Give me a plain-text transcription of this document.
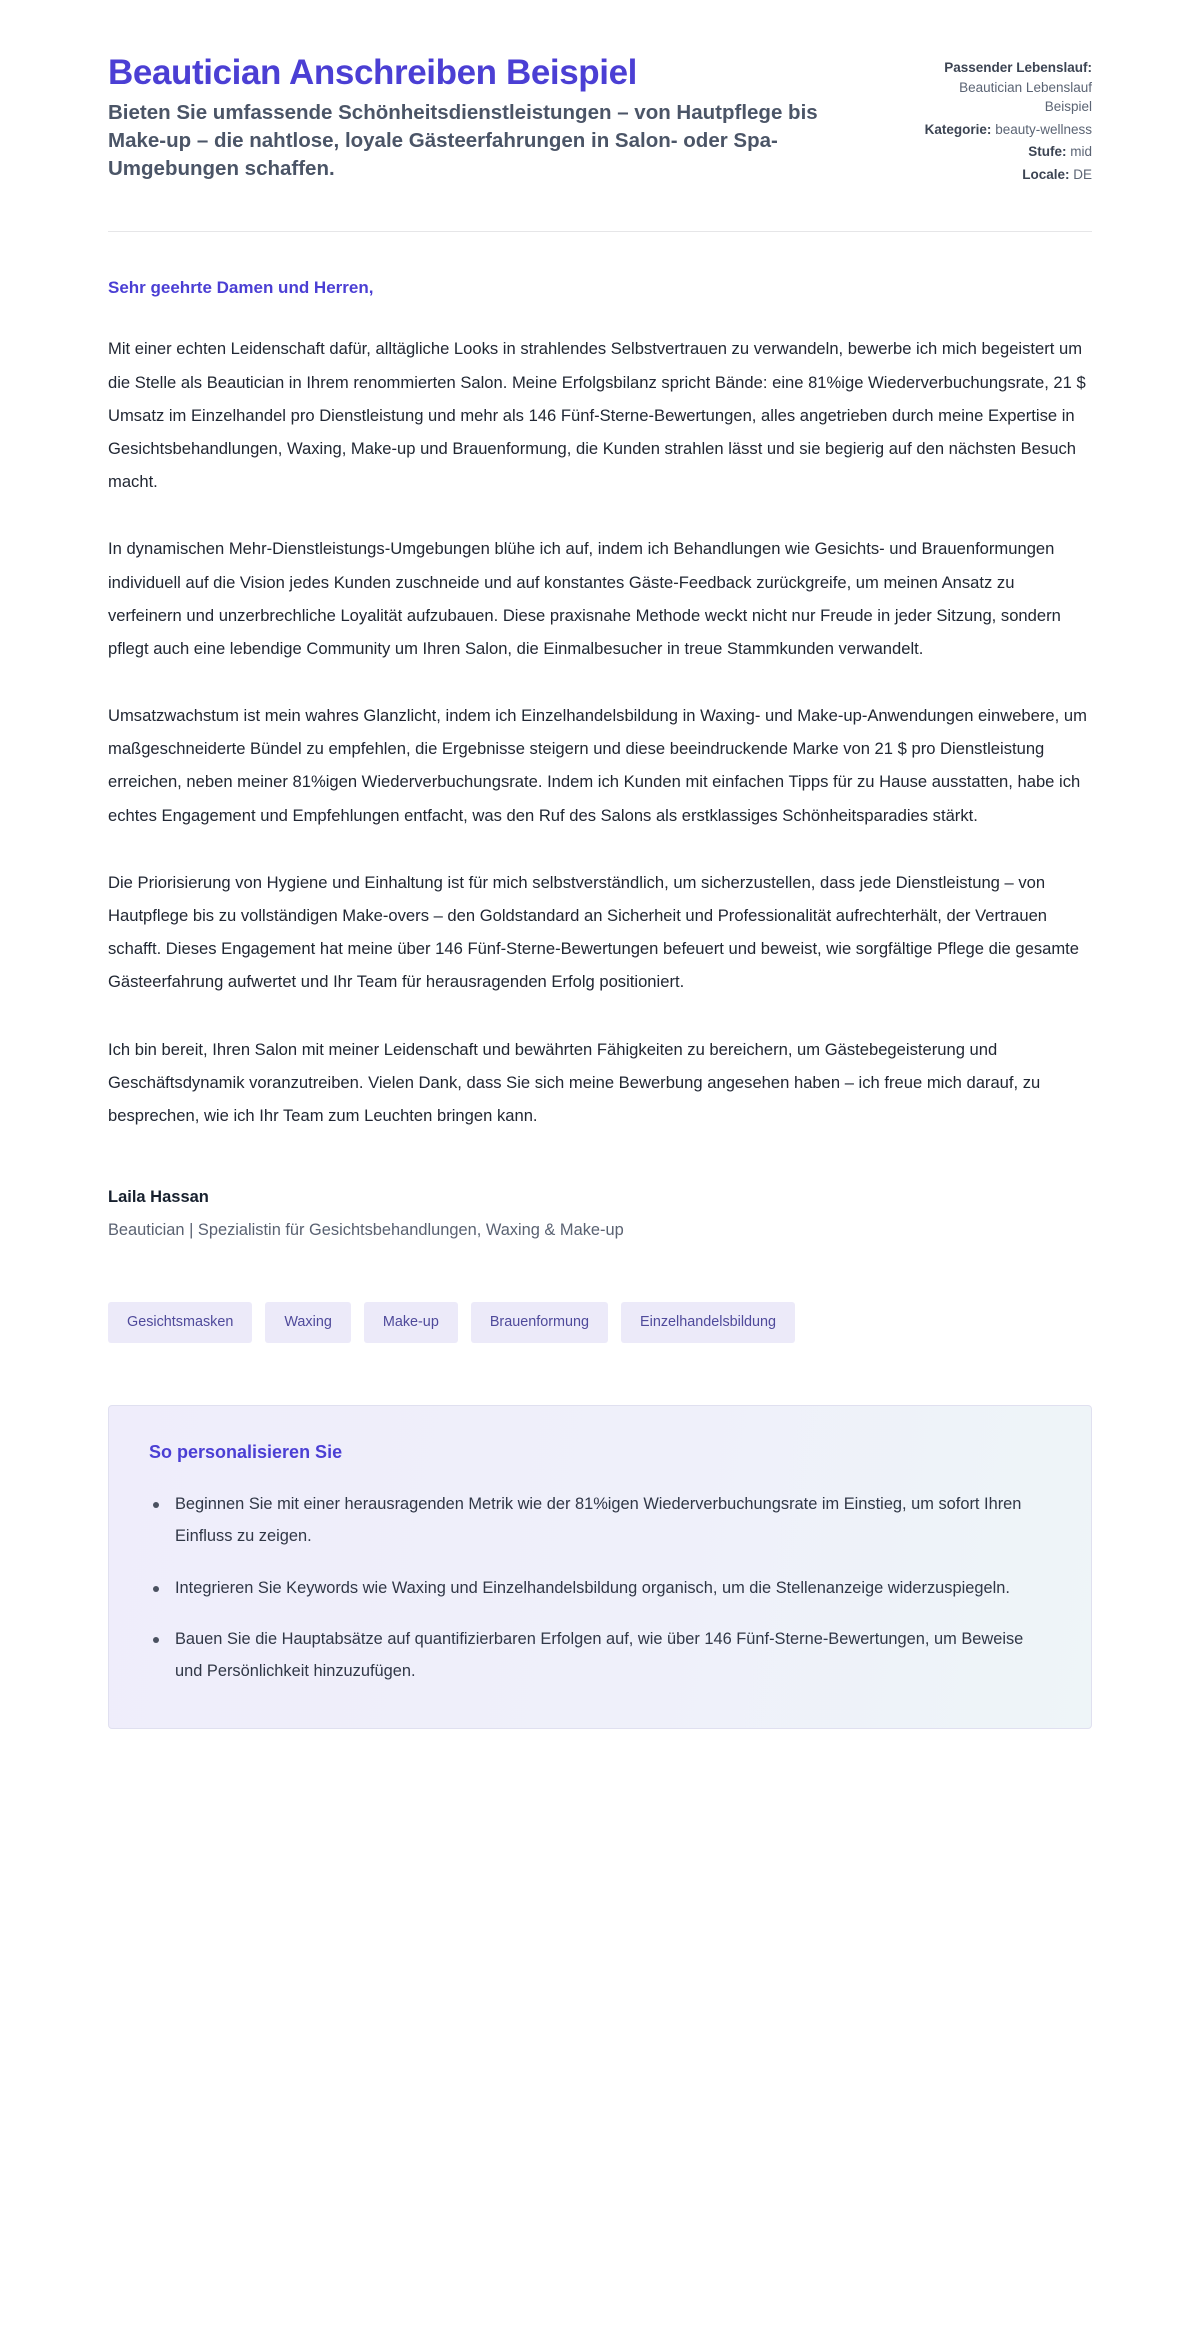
Beautician Anschreiben Beispiel

Bieten Sie umfassende Schönheitsdienstleistungen – von Hautpflege bis Make-up – die nahtlose, loyale Gästeerfahrungen in Salon- oder Spa-Umgebungen schaffen.

Passender Lebenslauf: Beautician Lebenslauf Beispiel
Kategorie: beauty-wellness
Stufe: mid
Locale: DE

Sehr geehrte Damen und Herren,

Mit einer echten Leidenschaft dafür, alltägliche Looks in strahlendes Selbstvertrauen zu verwandeln, bewerbe ich mich begeistert um die Stelle als Beautician in Ihrem renommierten Salon. Meine Erfolgsbilanz spricht Bände: eine 81%ige Wiederverbuchungsrate, 21 $ Umsatz im Einzelhandel pro Dienstleistung und mehr als 146 Fünf-Sterne-Bewertungen, alles angetrieben durch meine Expertise in Gesichtsbehandlungen, Waxing, Make-up und Brauenformung, die Kunden strahlen lässt und sie begierig auf den nächsten Besuch macht.

In dynamischen Mehr-Dienstleistungs-Umgebungen blühe ich auf, indem ich Behandlungen wie Gesichts- und Brauenformungen individuell auf die Vision jedes Kunden zuschneide und auf konstantes Gäste-Feedback zurückgreife, um meinen Ansatz zu verfeinern und unzerbrechliche Loyalität aufzubauen. Diese praxisnahe Methode weckt nicht nur Freude in jeder Sitzung, sondern pflegt auch eine lebendige Community um Ihren Salon, die Einmalbesucher in treue Stammkunden verwandelt.

Umsatzwachstum ist mein wahres Glanzlicht, indem ich Einzelhandelsbildung in Waxing- und Make-up-Anwendungen einwebere, um maßgeschneiderte Bündel zu empfehlen, die Ergebnisse steigern und diese beeindruckende Marke von 21 $ pro Dienstleistung erreichen, neben meiner 81%igen Wiederverbuchungsrate. Indem ich Kunden mit einfachen Tipps für zu Hause ausstatten, habe ich echtes Engagement und Empfehlungen entfacht, was den Ruf des Salons als erstklassiges Schönheitsparadies stärkt.

Die Priorisierung von Hygiene und Einhaltung ist für mich selbstverständlich, um sicherzustellen, dass jede Dienstleistung – von Hautpflege bis zu vollständigen Make-overs – den Goldstandard an Sicherheit und Professionalität aufrechterhält, der Vertrauen schafft. Dieses Engagement hat meine über 146 Fünf-Sterne-Bewertungen befeuert und beweist, wie sorgfältige Pflege die gesamte Gästeerfahrung aufwertet und Ihr Team für herausragenden Erfolg positioniert.

Ich bin bereit, Ihren Salon mit meiner Leidenschaft und bewährten Fähigkeiten zu bereichern, um Gästebegeisterung und Geschäftsdynamik voranzutreiben. Vielen Dank, dass Sie sich meine Bewerbung angesehen haben – ich freue mich darauf, zu besprechen, wie ich Ihr Team zum Leuchten bringen kann.

Laila Hassan

Beautician | Spezialistin für Gesichtsbehandlungen, Waxing & Make-up

Gesichtsmasken	Waxing	Make-up	Brauenformung	Einzelhandelsbildung

So personalisieren Sie

Beginnen Sie mit einer herausragenden Metrik wie der 81%igen Wiederverbuchungsrate im Einstieg, um sofort Ihren Einfluss zu zeigen.
Integrieren Sie Keywords wie Waxing und Einzelhandelsbildung organisch, um die Stellenanzeige widerzuspiegeln.
Bauen Sie die Hauptabsätze auf quantifizierbaren Erfolgen auf, wie über 146 Fünf-Sterne-Bewertungen, um Beweise und Persönlichkeit hinzuzufügen.
